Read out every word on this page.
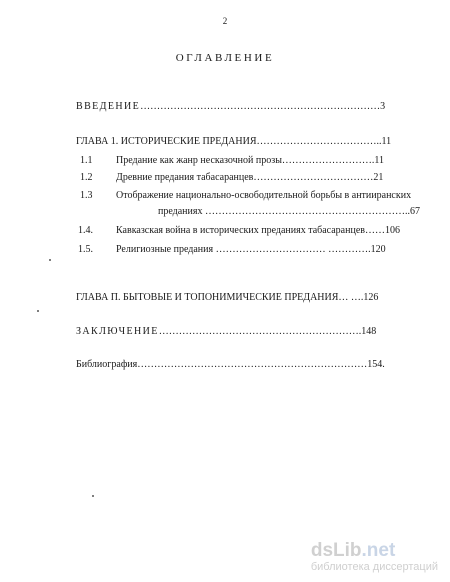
2
ОГЛАВЛЕНИЕ
ВВЕДЕНИЕ………………………………………………………………3
ГЛАВА 1. ИСТОРИЧЕСКИЕ ПРЕДАНИЯ………………………………..11
1.1 Предание как жанр несказочной прозы……………………….11
1.2 Древние предания табасаранцев………………………………21
1.3 Отображение национально-освободительной борьбы в антииранских
преданиях ……………………………………………………..67
1.4. Кавказская война в исторических преданиях табасаранцев……106
1.5. Религиозные предания …………………………… ………….120
ГЛАВА П. БЫТОВЫЕ И ТОПОНИМИЧЕСКИЕ ПРЕДАНИЯ… ….126
ЗАКЛЮЧЕНИЕ…………………………………………………….148
Библиография……………………………………………………………154.
dsLib.net
библиотека диссертаций
